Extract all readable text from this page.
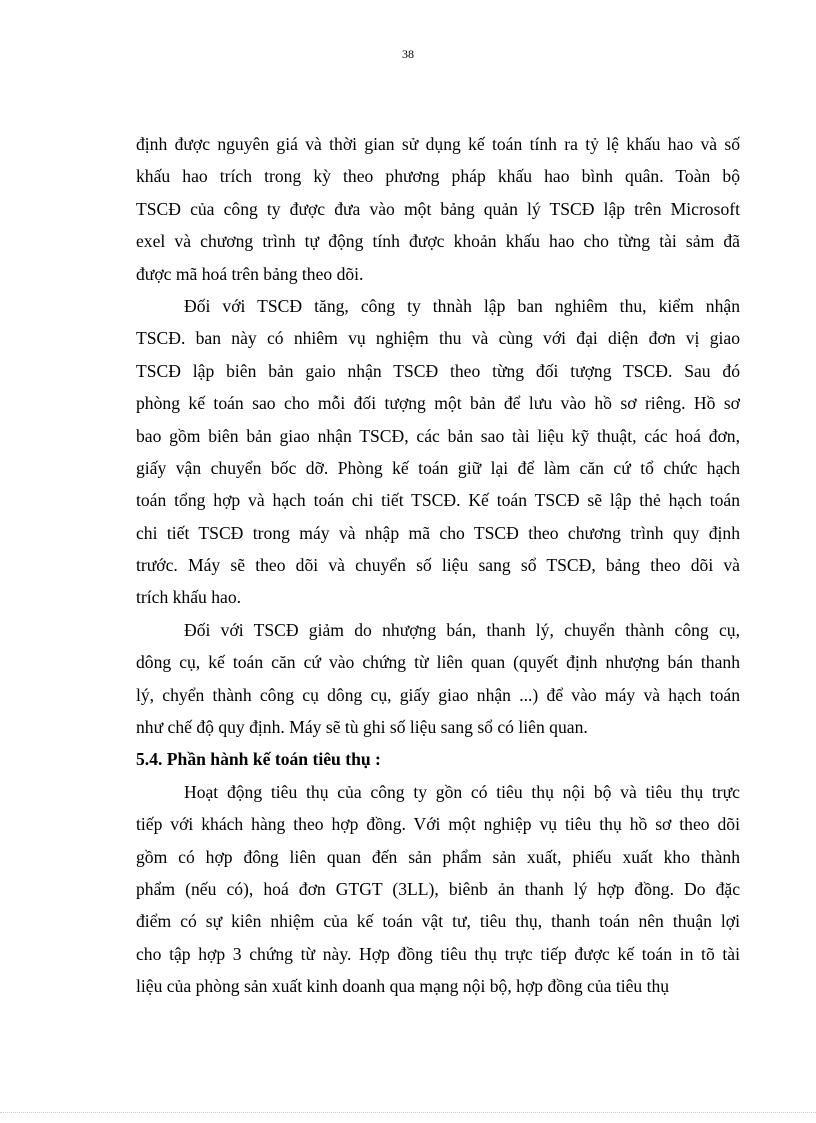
38
định được nguyên giá và thời gian sử dụng kế toán tính ra tỷ lệ khấu hao và số
khấu hao trích trong kỳ theo phương pháp khấu hao bình quân. Toàn bộ
TSCĐ của công ty được đưa vào một bảng quản lý TSCĐ lập trên Microsoft
exel và chương trình tự động tính được khoản khấu hao cho từng tài sảm đã
được mã hoá trên bảng theo dõi.
Đối với TSCĐ tăng, công ty thnàh lập ban nghiêm thu, kiểm nhận
TSCĐ. ban này có nhiêm vụ nghiệm thu và cùng với đại diện đơn vị giao
TSCĐ lập biên bản gaio nhận TSCĐ theo từng đối tượng TSCĐ. Sau đó
phòng kế toán sao cho mỗi đối tượng một bản để lưu vào hồ sơ riêng. Hồ sơ
bao gồm biên bản giao nhận TSCĐ, các bản sao tài liệu kỹ thuật, các hoá đơn,
giấy vận chuyển bốc dỡ. Phòng kế toán giữ lại để làm căn cứ tổ chức hạch
toán tổng hợp và hạch toán chi tiết TSCĐ. Kế toán TSCĐ sẽ lập thẻ hạch toán
chi tiết TSCĐ trong máy và nhập mã cho TSCĐ theo chương trình quy định
trước. Máy sẽ theo dõi và chuyển số liệu sang sổ TSCĐ, bảng theo dõi và
trích khấu hao.
Đối với TSCĐ giảm do nhượng bán, thanh lý, chuyển thành công cụ,
dông cụ, kế toán căn cứ vào chứng từ liên quan (quyết định nhượng bán thanh
lý, chyển thành công cụ dông cụ, giấy giao nhận ...) để vào máy và hạch toán
như chế độ quy định. Máy sẽ tù ghi số liệu sang sổ có liên quan.
5.4. Phần hành kế toán tiêu thụ :
Hoạt động tiêu thụ của công ty gồn có tiêu thụ nội bộ và tiêu thụ trực
tiếp với khách hàng theo hợp đồng. Với một nghiệp vụ tiêu thụ hồ sơ theo dõi
gồm có hợp đông liên quan đến sản phẩm sản xuất, phiếu xuất kho thành
phẩm (nếu có), hoá đơn GTGT (3LL), biênb ản thanh lý hợp đồng. Do đặc
điểm có sự kiên nhiệm của kế toán vật tư, tiêu thụ, thanh toán nên thuận lợi
cho tập hợp 3 chứng từ này. Hợp đồng tiêu thụ trực tiếp được kế toán in tõ tài
liệu của phòng sản xuất kinh doanh qua mạng nội bộ, hợp đồng của tiêu thụ
